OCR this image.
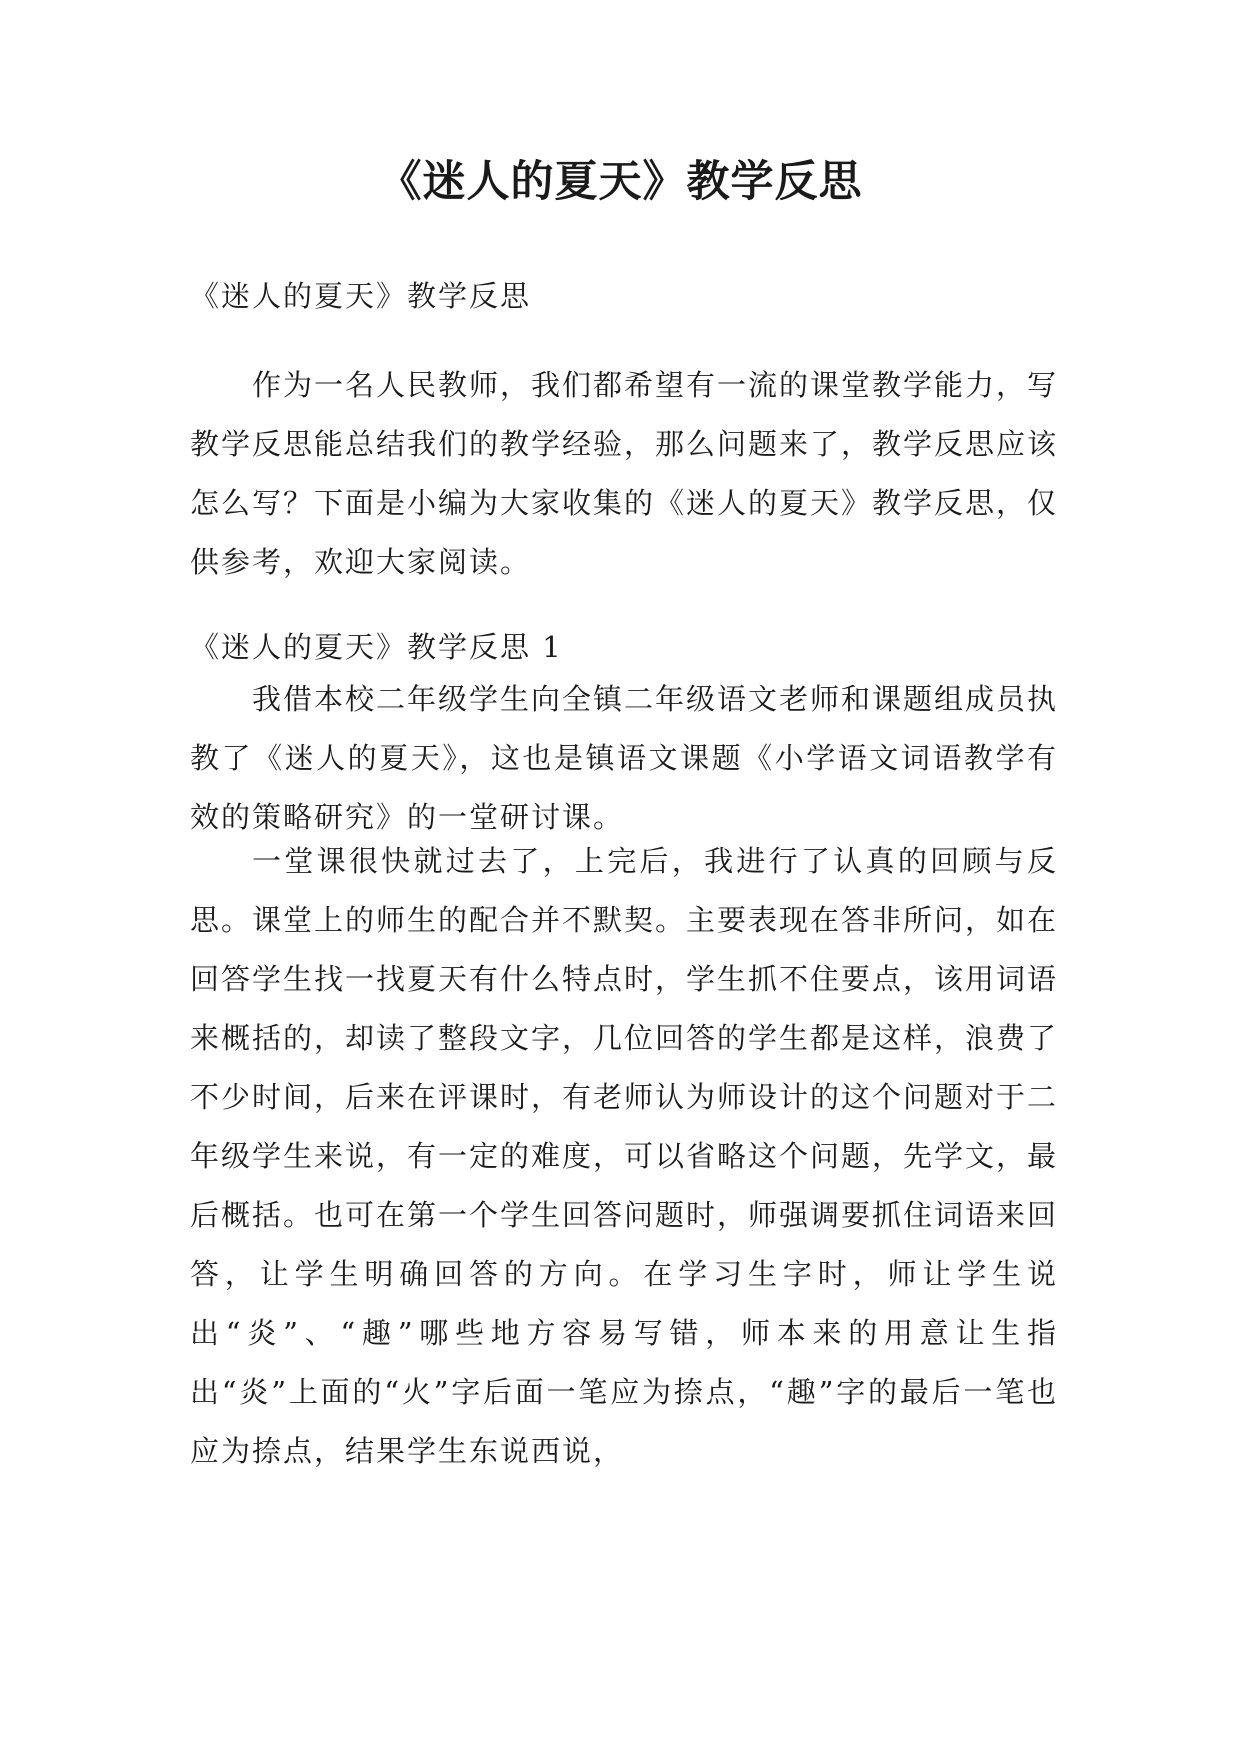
《迷人的夏天》教学反思

《迷人的夏天》教学反思

作为一名人民教师，我们都希望有一流的课堂教学能力，写教学反思能总结我们的教学经验，那么问题来了，教学反思应该怎么写？下面是小编为大家收集的《迷人的夏天》教学反思，仅供参考，欢迎大家阅读。

《迷人的夏天》教学反思 1

我借本校二年级学生向全镇二年级语文老师和课题组成员执教了《迷人的夏天》，这也是镇语文课题《小学语文词语教学有效的策略研究》的一堂研讨课。

一堂课很快就过去了，上完后，我进行了认真的回顾与反思。课堂上的师生的配合并不默契。主要表现在答非所问，如在回答学生找一找夏天有什么特点时，学生抓不住要点，该用词语来概括的，却读了整段文字，几位回答的学生都是这样，浪费了不少时间，后来在评课时，有老师认为师设计的这个问题对于二年级学生来说，有一定的难度，可以省略这个问题，先学文，最后概括。也可在第一个学生回答问题时，师强调要抓住词语来回答，让学生明确回答的方向。在学习生字时，师让学生说出“炎”、“趣”哪些地方容易写错，师本来的用意让生指出“炎”上面的“火”字后面一笔应为捺点，“趣”字的最后一笔也应为捺点，结果学生东说西说，
